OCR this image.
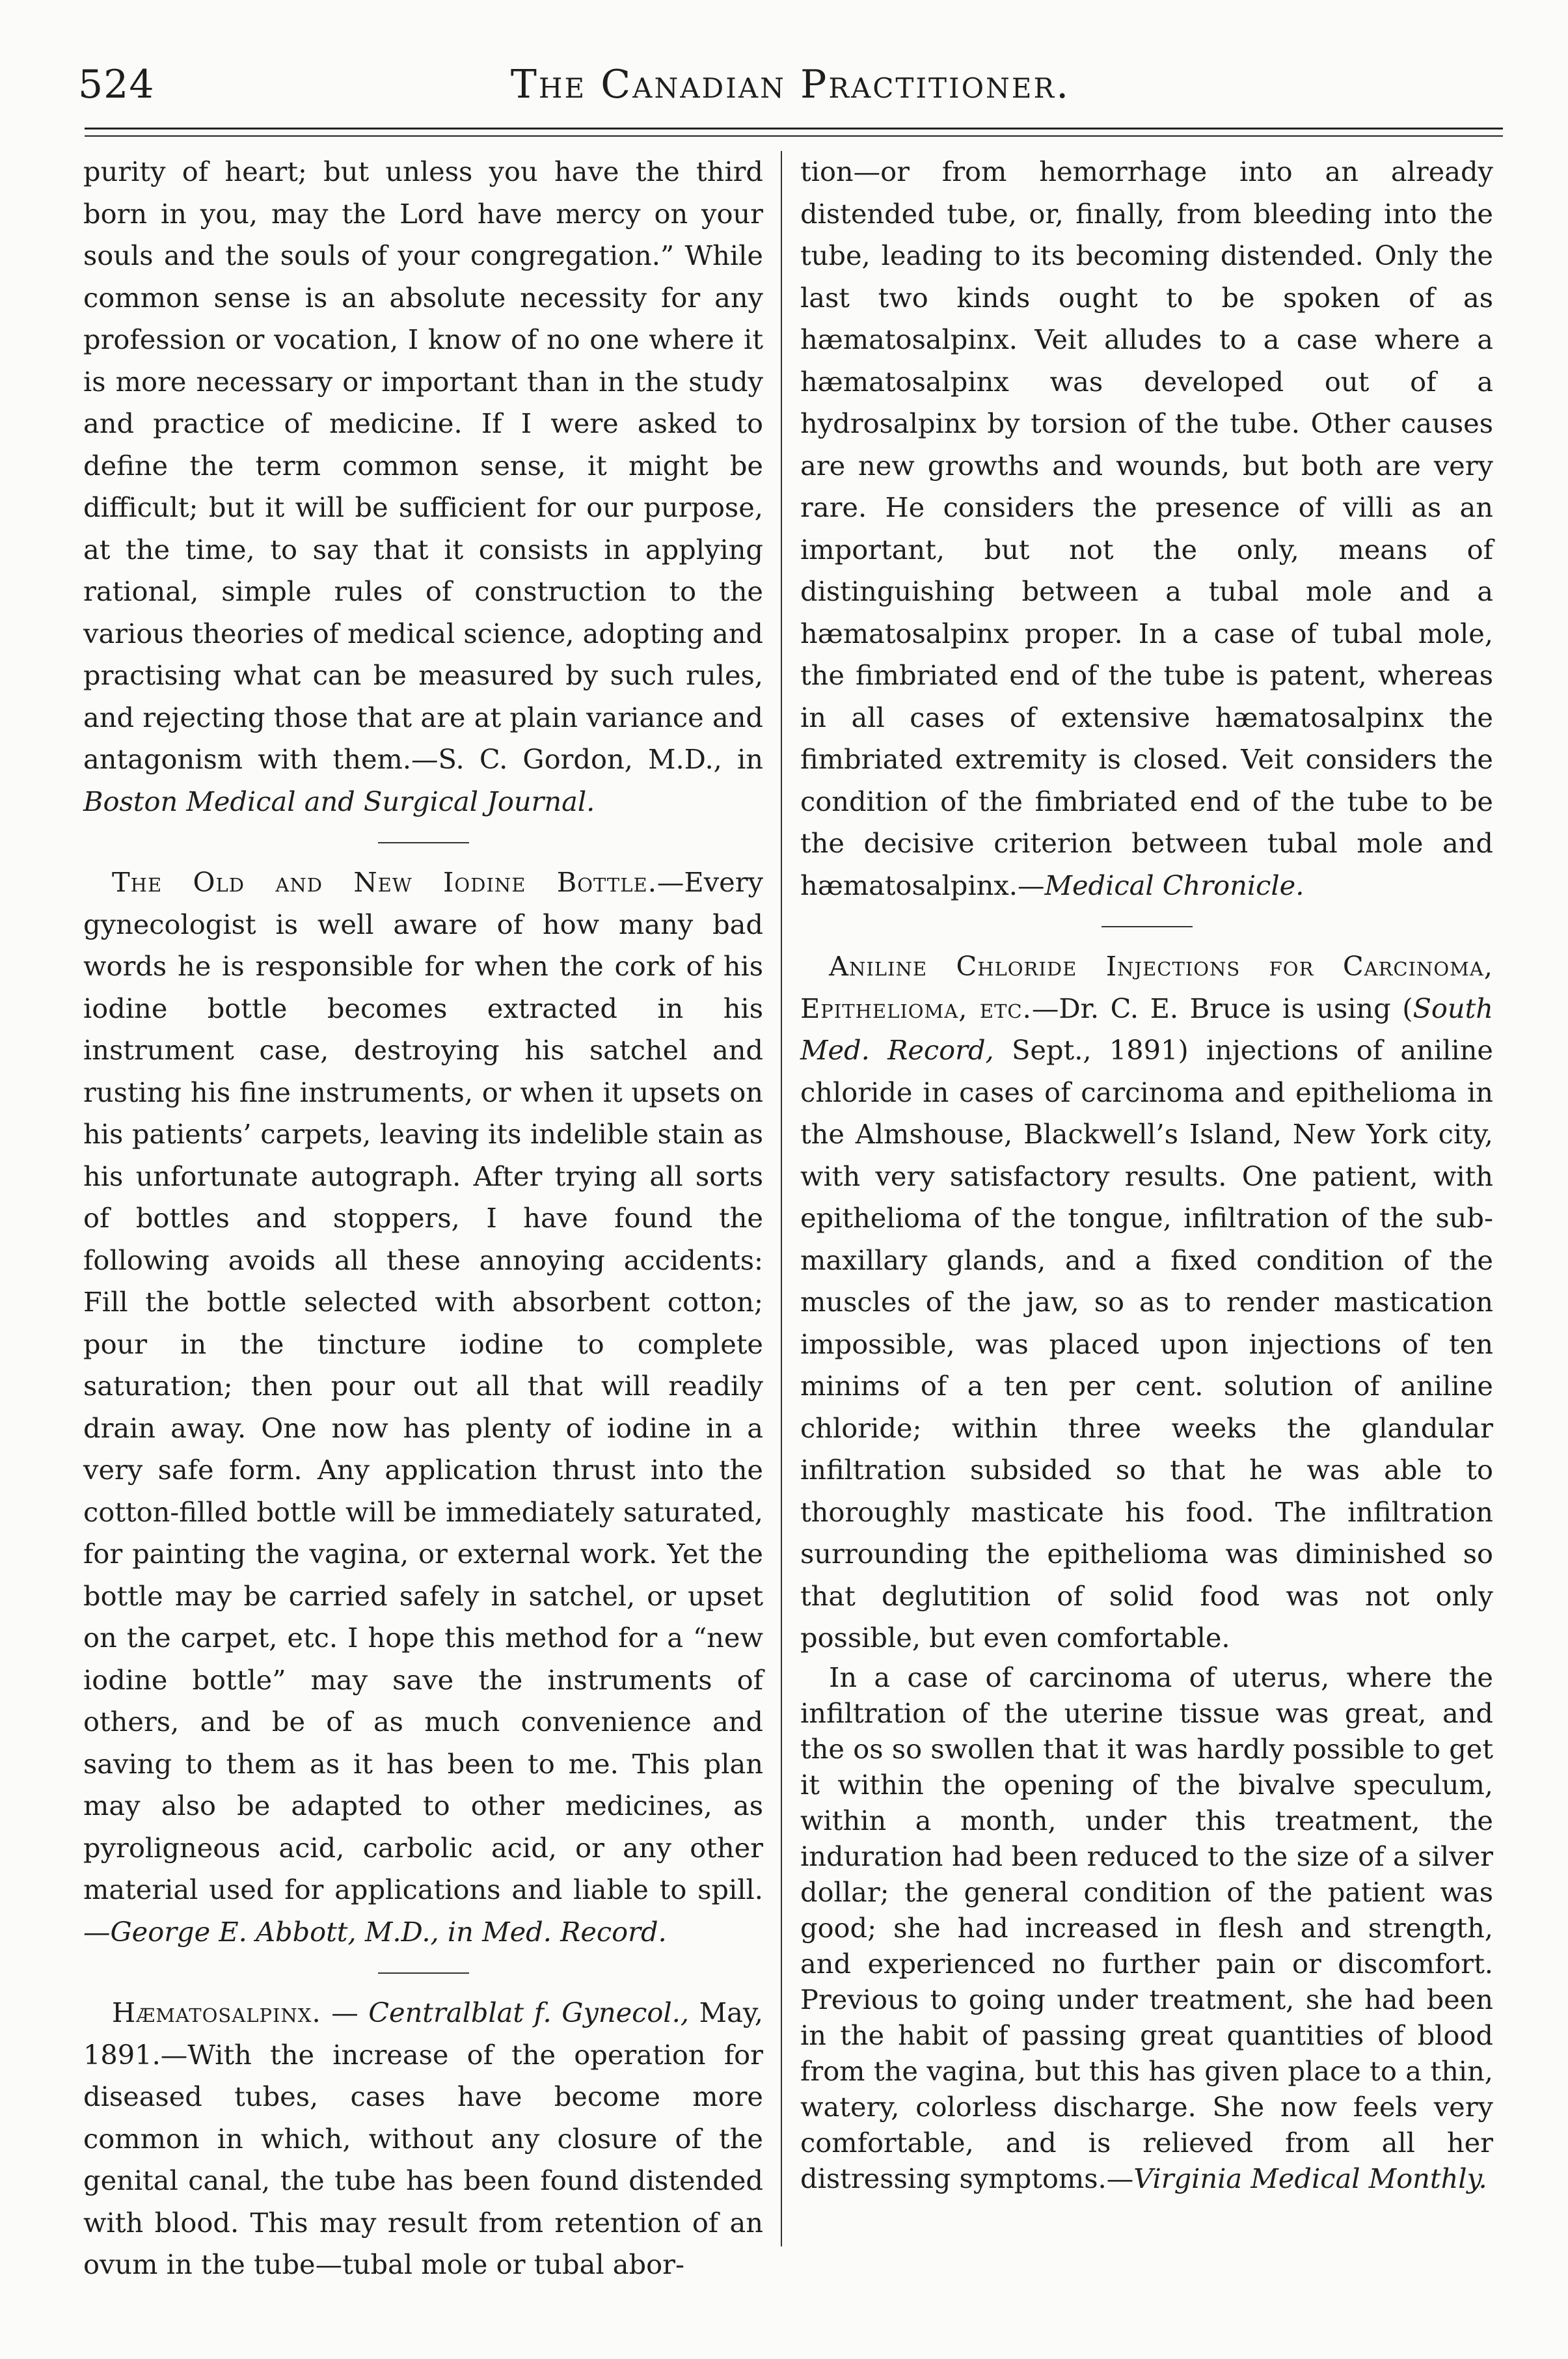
524	The Canadian Practitioner.

purity of heart; but unless you have the third born in you, may the Lord have mercy on your souls and the souls of your congregation.” While common sense is an absolute necessity for any profession or vocation, I know of no one where it is more necessary or important than in the study and practice of medicine. If I were asked to define the term common sense, it might be difficult; but it will be sufficient for our purpose, at the time, to say that it consists in applying rational, simple rules of construction to the various theories of medical science, adopting and practising what can be measured by such rules, and rejecting those that are at plain variance and antagonism with them.—S. C. Gordon, M.D., in Boston Medical and Surgical Journal.

The Old and New Iodine Bottle.—Every gynecologist is well aware of how many bad words he is responsible for when the cork of his iodine bottle becomes extracted in his instrument case, destroying his satchel and rusting his fine instruments, or when it upsets on his patients’ carpets, leaving its indelible stain as his unfortunate autograph. After trying all sorts of bottles and stoppers, I have found the following avoids all these annoying accidents: Fill the bottle selected with absorbent cotton; pour in the tincture iodine to complete saturation; then pour out all that will readily drain away. One now has plenty of iodine in a very safe form. Any application thrust into the cotton-filled bottle will be immediately saturated, for painting the vagina, or external work. Yet the bottle may be carried safely in satchel, or upset on the carpet, etc. I hope this method for a “new iodine bottle” may save the instruments of others, and be of as much convenience and saving to them as it has been to me. This plan may also be adapted to other medicines, as pyroligneous acid, carbolic acid, or any other material used for applications and liable to spill. —George E. Abbott, M.D., in Med. Record.

Hæmatosalpinx. — Centralblat f. Gynecol., May, 1891.—With the increase of the operation for diseased tubes, cases have become more common in which, without any closure of the genital canal, the tube has been found distended with blood. This may result from retention of an ovum in the tube—tubal mole or tubal abor-

tion—or from hemorrhage into an already distended tube, or, finally, from bleeding into the tube, leading to its becoming distended. Only the last two kinds ought to be spoken of as hæmatosalpinx. Veit alludes to a case where a hæmatosalpinx was developed out of a hydrosalpinx by torsion of the tube. Other causes are new growths and wounds, but both are very rare. He considers the presence of villi as an important, but not the only, means of distinguishing between a tubal mole and a hæmatosalpinx proper. In a case of tubal mole, the fimbriated end of the tube is patent, whereas in all cases of extensive hæmatosalpinx the fimbriated extremity is closed. Veit considers the condition of the fimbriated end of the tube to be the decisive criterion between tubal mole and hæmatosalpinx.—Medical Chronicle.

Aniline Chloride Injections for Carcinoma, Epithelioma, etc.—Dr. C. E. Bruce is using (South Med. Record, Sept., 1891) injections of aniline chloride in cases of carcinoma and epithelioma in the Almshouse, Blackwell’s Island, New York city, with very satisfactory results. One patient, with epithelioma of the tongue, infiltration of the sub-maxillary glands, and a fixed condition of the muscles of the jaw, so as to render mastication impossible, was placed upon injections of ten minims of a ten per cent. solution of aniline chloride; within three weeks the glandular infiltration subsided so that he was able to thoroughly masticate his food. The infiltration surrounding the epithelioma was diminished so that deglutition of solid food was not only possible, but even comfortable.

In a case of carcinoma of uterus, where the infiltration of the uterine tissue was great, and the os so swollen that it was hardly possible to get it within the opening of the bivalve speculum, within a month, under this treatment, the induration had been reduced to the size of a silver dollar; the general condition of the patient was good; she had increased in flesh and strength, and experienced no further pain or discomfort. Previous to going under treatment, she had been in the habit of passing great quantities of blood from the vagina, but this has given place to a thin, watery, colorless discharge. She now feels very comfortable, and is relieved from all her distressing symptoms.—Virginia Medical Monthly.
